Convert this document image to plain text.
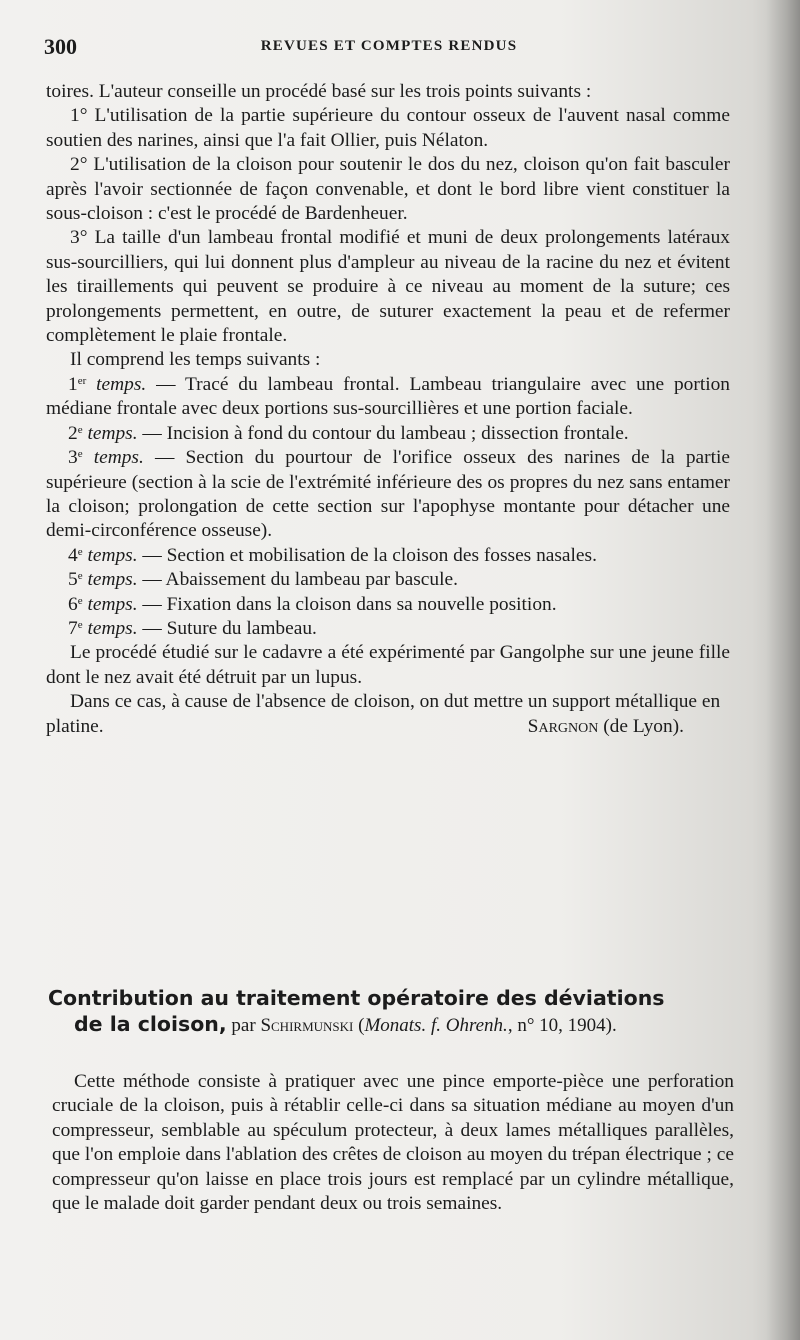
300	REVUES ET COMPTES RENDUS

toires. L'auteur conseille un procédé basé sur les trois points suivants :

1° L'utilisation de la partie supérieure du contour osseux de l'auvent nasal comme soutien des narines, ainsi que l'a fait Ollier, puis Nélaton.

2° L'utilisation de la cloison pour soutenir le dos du nez, cloison qu'on fait basculer après l'avoir sectionnée de façon convenable, et dont le bord libre vient constituer la sous-cloison : c'est le procédé de Bardenheuer.

3° La taille d'un lambeau frontal modifié et muni de deux prolongements latéraux sus-sourcilliers, qui lui donnent plus d'ampleur au niveau de la racine du nez et évitent les tiraillements qui peuvent se produire à ce niveau au moment de la suture; ces prolongements permettent, en outre, de suturer exactement la peau et de refermer complètement le plaie frontale.

Il comprend les temps suivants :

1er temps. — Tracé du lambeau frontal. Lambeau triangulaire avec une portion médiane frontale avec deux portions sus-sourcillières et une portion faciale.

2e temps. — Incision à fond du contour du lambeau ; dissection frontale.

3e temps. — Section du pourtour de l'orifice osseux des narines de la partie supérieure (section à la scie de l'extrémité inférieure des os propres du nez sans entamer la cloison; prolongation de cette section sur l'apophyse montante pour détacher une demi-circonférence osseuse).

4e temps. — Section et mobilisation de la cloison des fosses nasales.

5e temps. — Abaissement du lambeau par bascule.

6e temps. — Fixation dans la cloison dans sa nouvelle position.

7e temps. — Suture du lambeau.

Le procédé étudié sur le cadavre a été expérimenté par Gangolphe sur une jeune fille dont le nez avait été détruit par un lupus.

Dans ce cas, à cause de l'absence de cloison, on dut mettre un support métallique en platine.	Sargnon (de Lyon).

Contribution au traitement opératoire des déviations
de la cloison, par Schirmunski (Monats. f. Ohrenh., n° 10, 1904).

Cette méthode consiste à pratiquer avec une pince emporte-pièce une perforation cruciale de la cloison, puis à rétablir celle-ci dans sa situation médiane au moyen d'un compresseur, semblable au spéculum protecteur, à deux lames métalliques parallèles, que l'on emploie dans l'ablation des crêtes de cloison au moyen du trépan électrique ; ce compresseur qu'on laisse en place trois jours est remplacé par un cylindre métallique, que le malade doit garder pendant deux ou trois semaines.
